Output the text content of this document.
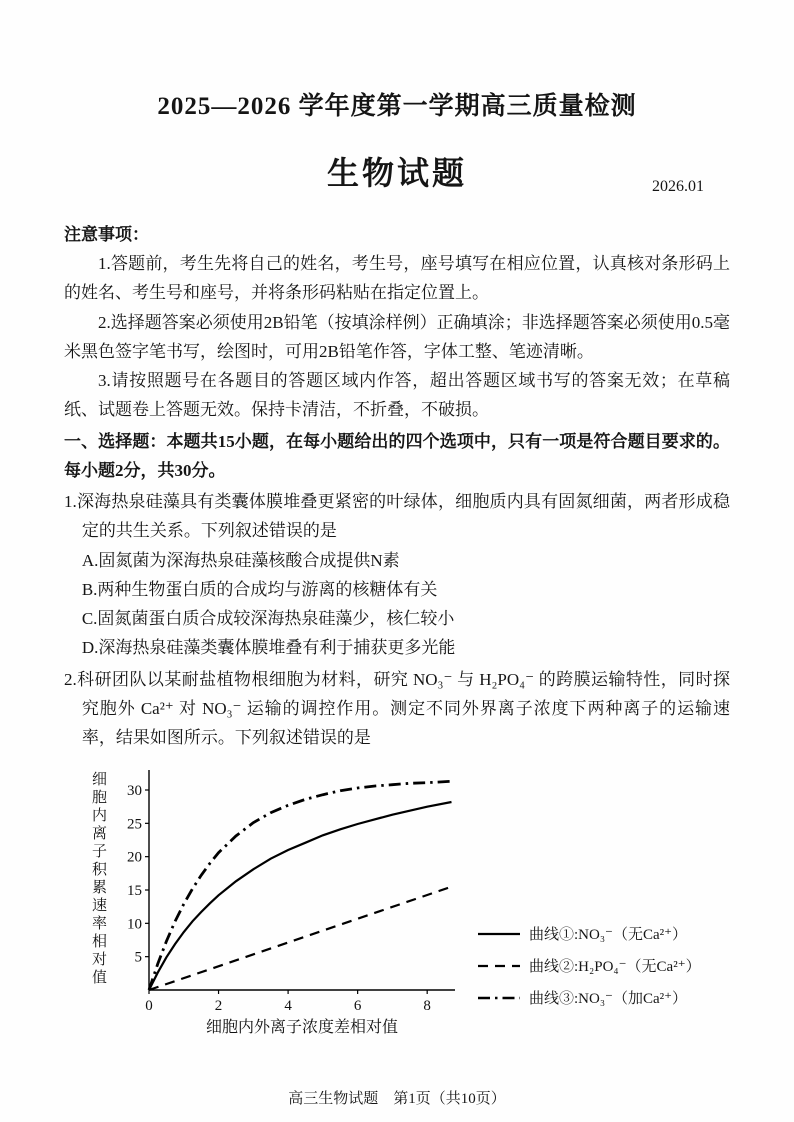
2025—2026 学年度第一学期高三质量检测
生物试题	2026.01

注意事项：

1.答题前，考生先将自己的姓名，考生号，座号填写在相应位置，认真核对条形码上的姓名、考生号和座号，并将条形码粘贴在指定位置上。

2.选择题答案必须使用2B铅笔（按填涂样例）正确填涂；非选择题答案必须使用0.5毫米黑色签字笔书写，绘图时，可用2B铅笔作答，字体工整、笔迹清晰。

3.请按照题号在各题目的答题区域内作答，超出答题区域书写的答案无效；在草稿纸、试题卷上答题无效。保持卡清洁，不折叠，不破损。

一、选择题：本题共15小题，在每小题给出的四个选项中，只有一项是符合题目要求的。每小题2分，共30分。

1.深海热泉硅藻具有类囊体膜堆叠更紧密的叶绿体，细胞质内具有固氮细菌，两者形成稳定的共生关系。下列叙述错误的是

A.固氮菌为深海热泉硅藻核酸合成提供N素

B.两种生物蛋白质的合成均与游离的核糖体有关

C.固氮菌蛋白质合成较深海热泉硅藻少，核仁较小

D.深海热泉硅藻类囊体膜堆叠有利于捕获更多光能

2.科研团队以某耐盐植物根细胞为材料，研究 NO₃⁻ 与 H₂PO₄⁻ 的跨膜运输特性，同时探究胞外 Ca²⁺ 对 NO₃⁻ 运输的调控作用。测定不同外界离子浓度下两种离子的运输速率，结果如图所示。下列叙述错误的是

细胞内离子积累速率相对值
0	2	4	6	8
5
10
15
20
25
30
细胞内外离子浓度差相对值
曲线①:NO₃⁻（无Ca²⁺）
曲线②:H₂PO₄⁻（无Ca²⁺）
曲线③:NO₃⁻（加Ca²⁺）
高三生物试题　第1页（共10页）
